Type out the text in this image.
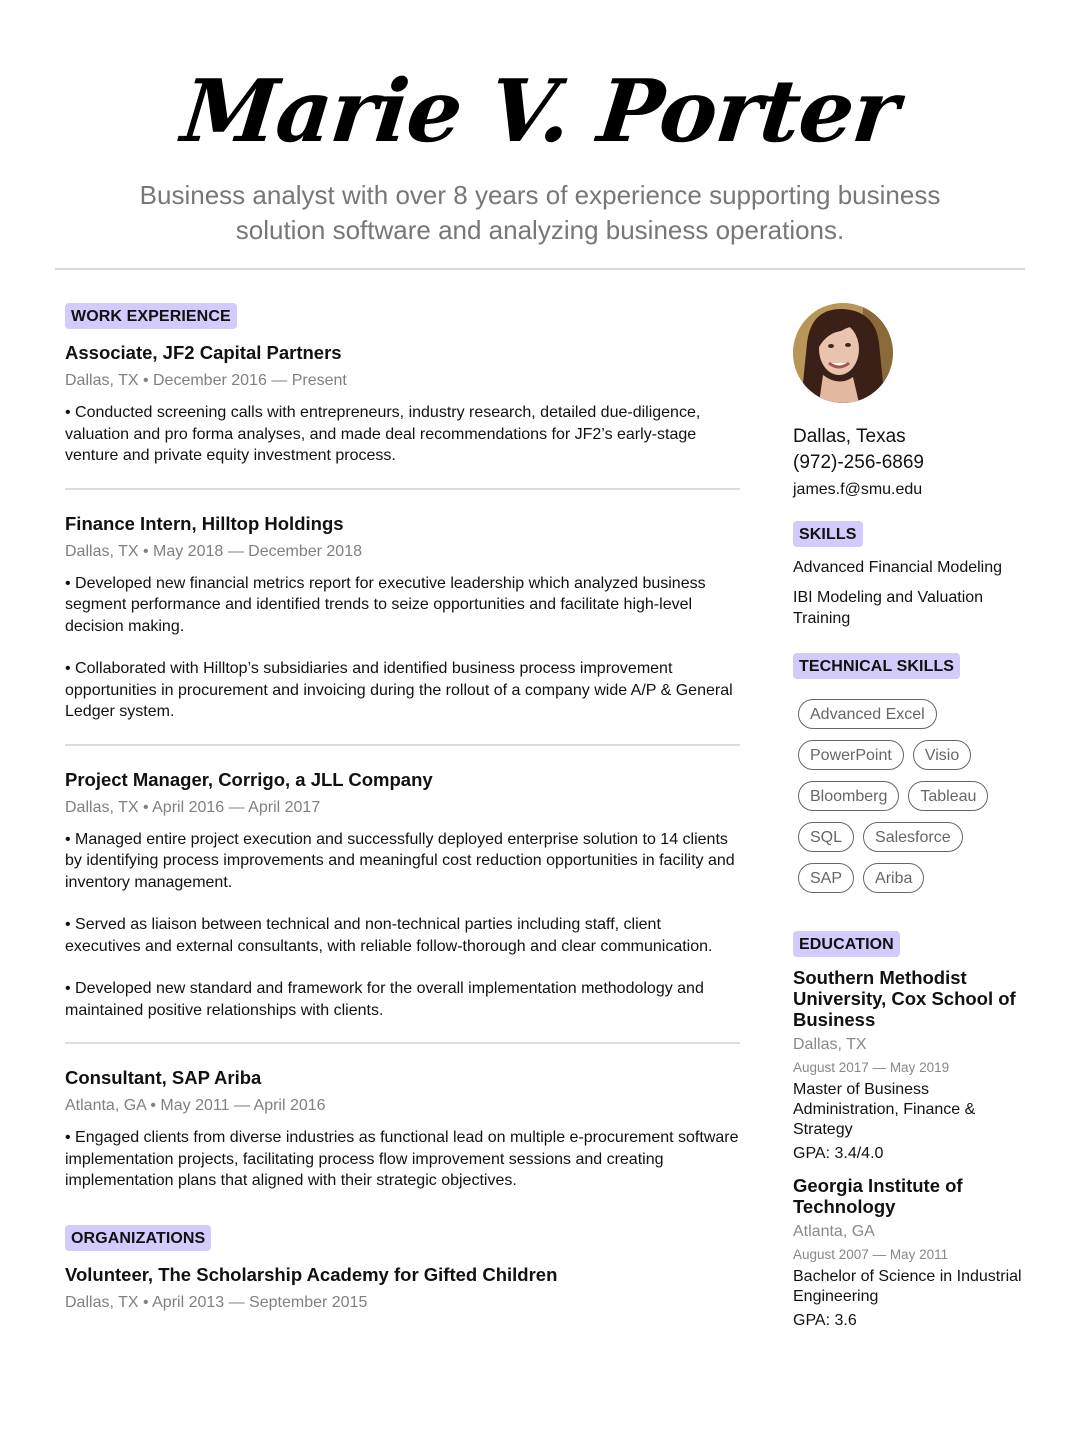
Marie V. Porter
Business analyst with over 8 years of experience supporting business solution software and analyzing business operations.
WORK EXPERIENCE
Associate, JF2 Capital Partners
Dallas, TX • December 2016 — Present
• Conducted screening calls with entrepreneurs, industry research, detailed due-diligence, valuation and pro forma analyses, and made deal recommendations for JF2’s early-stage venture and private equity investment process.
Finance Intern, Hilltop Holdings
Dallas, TX • May 2018 — December 2018
• Developed new financial metrics report for executive leadership which analyzed business segment performance and identified trends to seize opportunities and facilitate high-level decision making.
• Collaborated with Hilltop’s subsidiaries and identified business process improvement opportunities in procurement and invoicing during the rollout of a company wide A/P & General Ledger system.
Project Manager, Corrigo, a JLL Company
Dallas, TX • April 2016 — April 2017
• Managed entire project execution and successfully deployed enterprise solution to 14 clients by identifying process improvements and meaningful cost reduction opportunities in facility and inventory management.
• Served as liaison between technical and non-technical parties including staff, client executives and external consultants, with reliable follow-thorough and clear communication.
• Developed new standard and framework for the overall implementation methodology and maintained positive relationships with clients.
Consultant, SAP Ariba
Atlanta, GA • May 2011 — April 2016
• Engaged clients from diverse industries as functional lead on multiple e-procurement software implementation projects, facilitating process flow improvement sessions and creating implementation plans that aligned with their strategic objectives.
ORGANIZATIONS
Volunteer, The Scholarship Academy for Gifted Children
Dallas, TX • April 2013 — September 2015
Dallas, Texas
(972)-256-6869
james.f@smu.edu
SKILLS
Advanced Financial Modeling
IBI Modeling and Valuation Training
TECHNICAL SKILLS
Advanced Excel
PowerPoint	Visio
Bloomberg	Tableau
SQL	Salesforce
SAP	Ariba
EDUCATION
Southern Methodist University, Cox School of Business
Dallas, TX
August 2017 — May 2019
Master of Business Administration, Finance & Strategy
GPA: 3.4/4.0
Georgia Institute of Technology
Atlanta, GA
August 2007 — May 2011
Bachelor of Science in Industrial Engineering
GPA: 3.6
